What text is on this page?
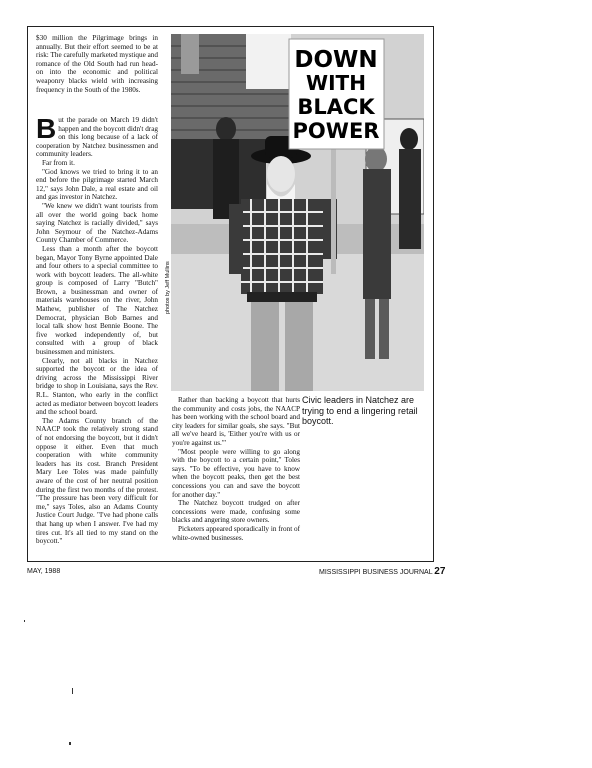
$30 million the Pilgrimage brings in annually. But their effort seemed to be at risk: The carefully marketed mystique and romance of the Old South had run head-on into the economic and political weaponry blacks wield with increasing frequency in the South of the 1980s.

But the parade on March 19 didn't happen and the boycott didn't drag on this long because of a lack of cooperation by Natchez businessmen and community leaders.

Far from it.

"God knows we tried to bring it to an end before the pilgrimage started March 12," says John Dale, a real estate and oil and gas investor in Natchez.

"We knew we didn't want tourists from all over the world going back home saying Natchez is racially divided," says John Seymour of the Natchez-Adams County Chamber of Commerce.

Less than a month after the boycott began, Mayor Tony Byrne appointed Dale and four others to a special committee to work with boycott leaders. The all-white group is composed of Larry "Butch" Brown, a businessman and owner of materials warehouses on the river, John Mathew, publisher of The Natchez Democrat, physician Bob Barnes and local talk show host Bennie Boone. The five worked independently of, but consulted with a group of black businessmen and ministers.

Clearly, not all blacks in Natchez supported the boycott or the idea of driving across the Mississippi River bridge to shop in Louisiana, says the Rev. R.L. Stanton, who early in the conflict acted as mediator between boycott leaders and the school board.

The Adams County branch of the NAACP took the relatively strong stand of not endorsing the boycott, but it didn't oppose it either. Even that much cooperation with white community leaders has its cost. Branch President Mary Lee Toles was made painfully aware of the cost of her neutral position during the first two months of the protest. "The pressure has been very difficult for me," says Toles, also an Adams County Justice Court Judge. "I've had phone calls that hang up when I answer. I've had my tires cut. It's all tied to my stand on the boycott."

DOWN
WITH
BLACK
POWER
photos by Jeff Mullins

Rather than backing a boycott that hurts the community and costs jobs, the NAACP has been working with the school board and city leaders for similar goals, she says. "But all we've heard is, 'Either you're with us or you're against us.'"

"Most people were willing to go along with the boycott to a certain point," Toles says. "To be effective, you have to know when the boycott peaks, then get the best concessions you can and save the boycott for another day."

The Natchez boycott trudged on after concessions were made, confusing some blacks and angering store owners.

Picketers appeared sporadically in front of white-owned businesses.

Civic leaders in Natchez are trying to end a lingering retail boycott.
MAY, 1988	MISSISSIPPI BUSINESS JOURNAL 27
